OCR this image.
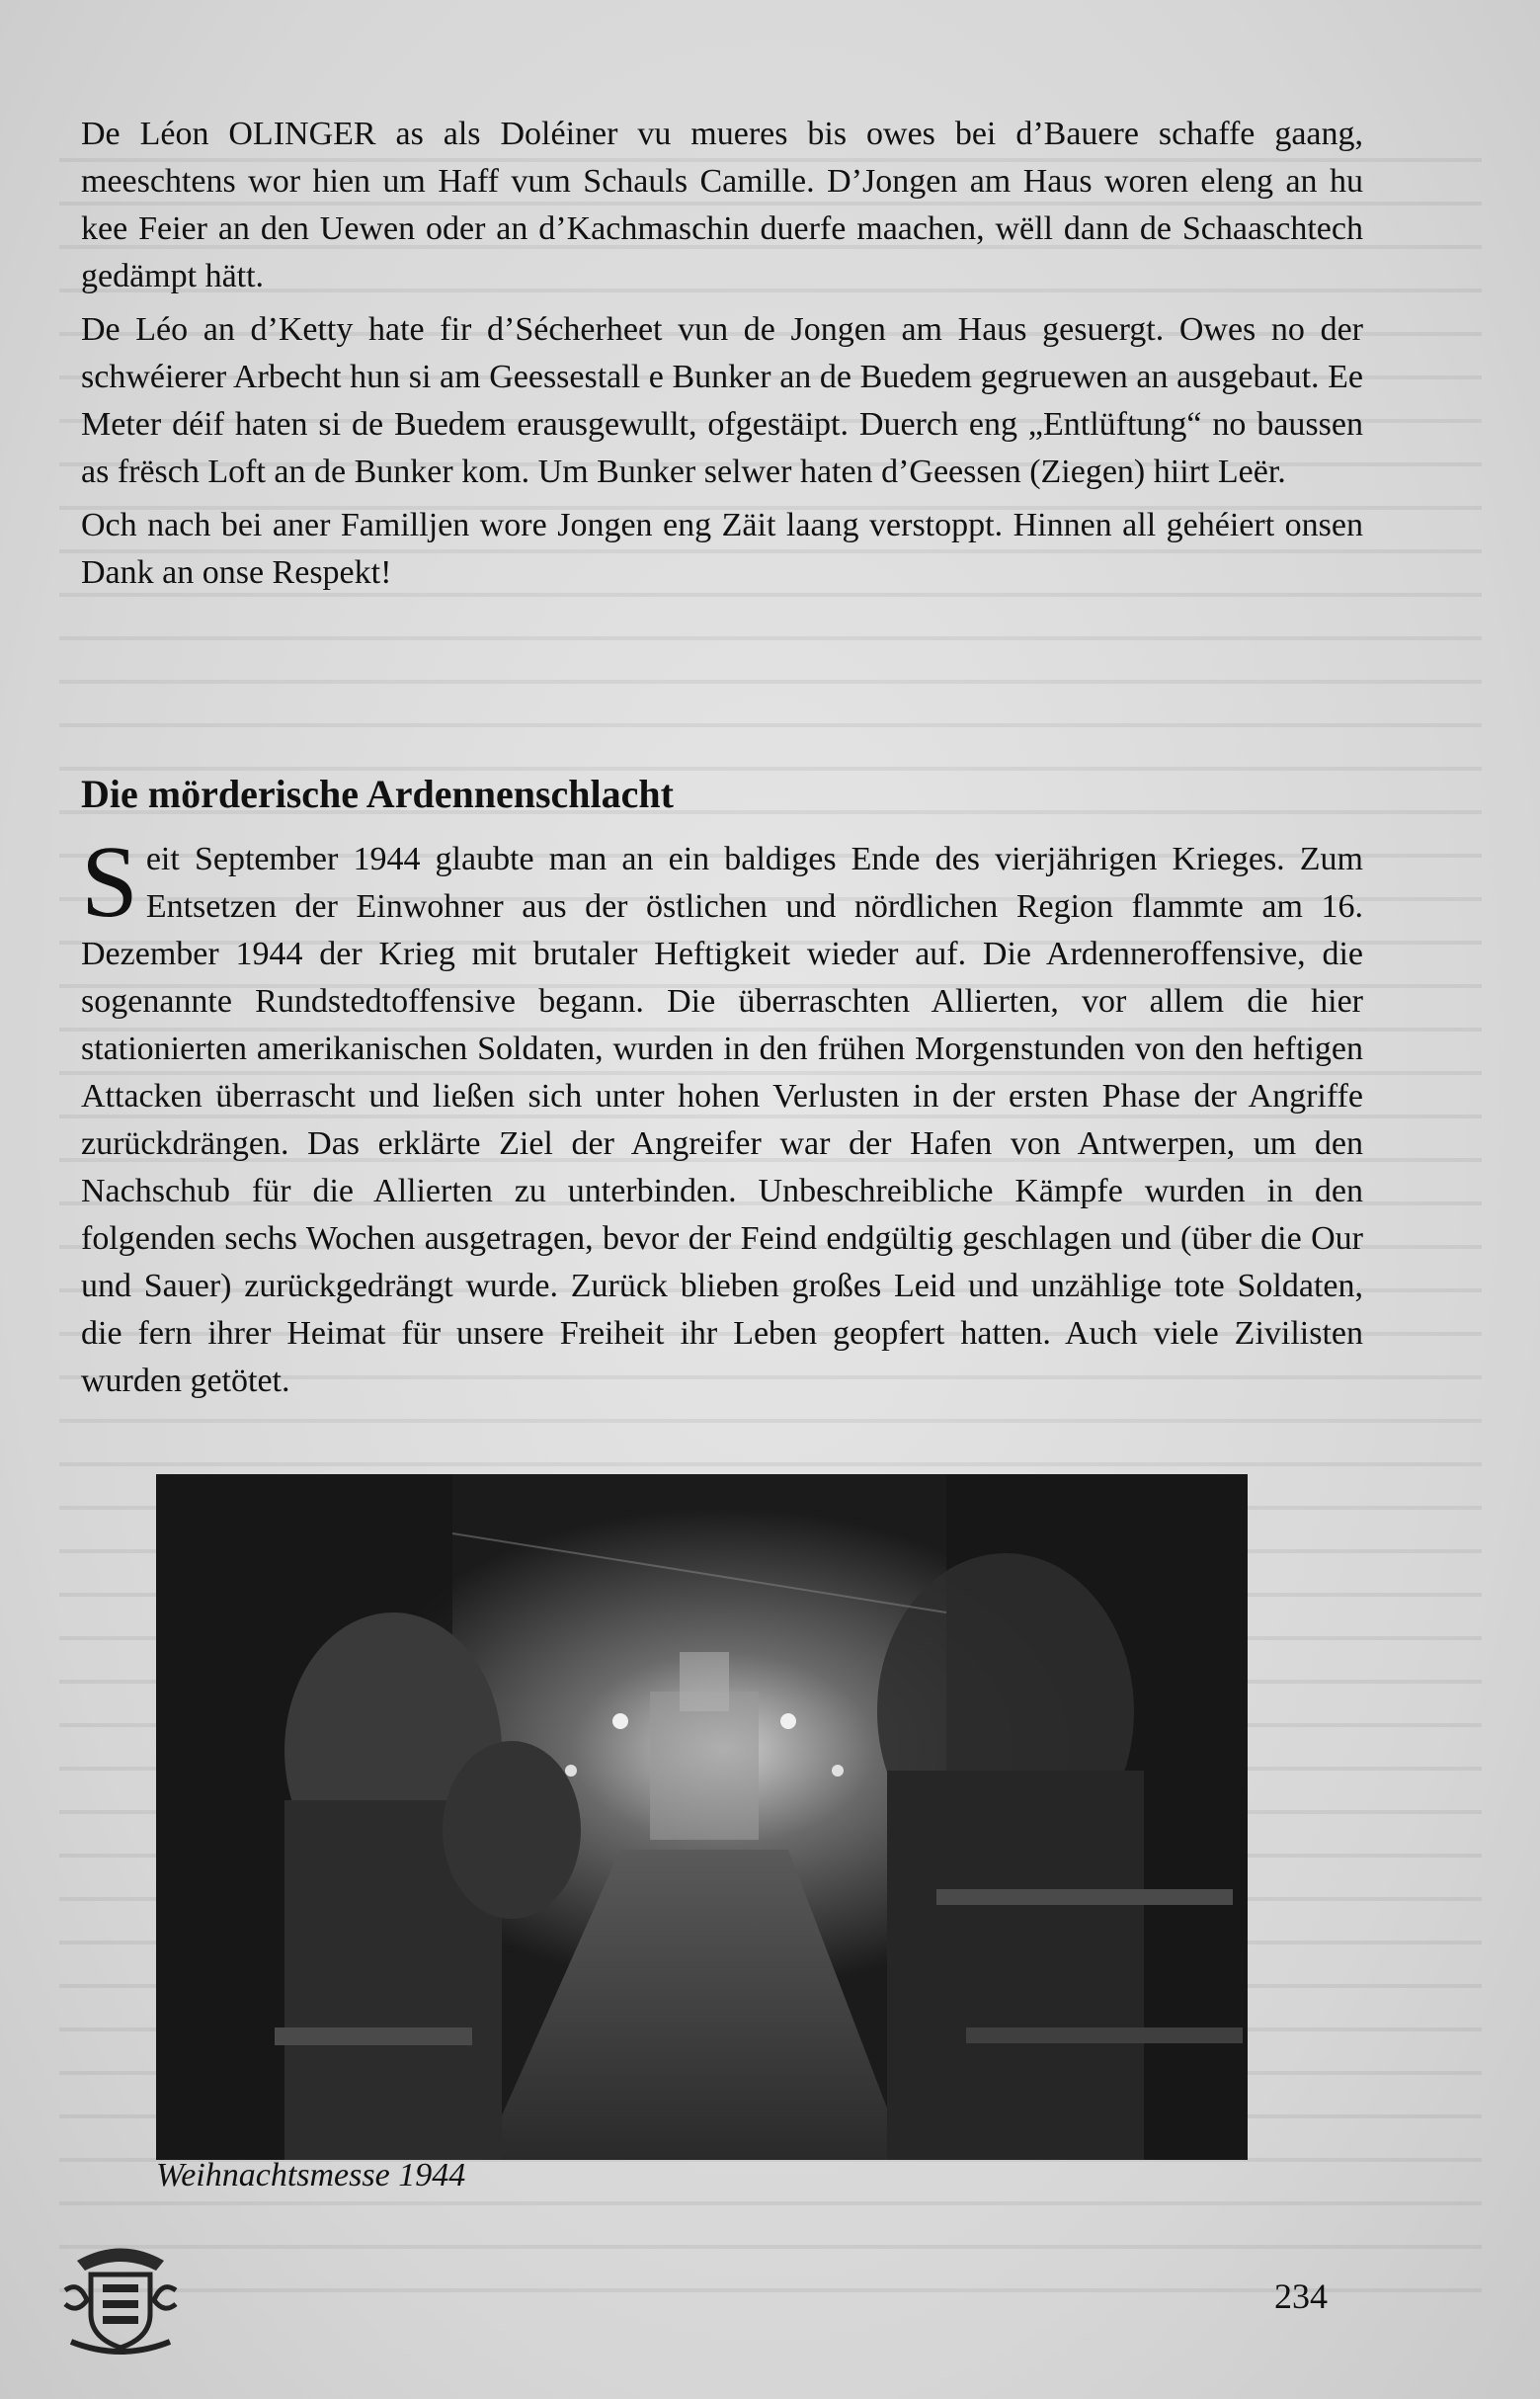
De Léon OLINGER as als Doléiner vu mueres bis owes bei d’Bauere schaffe gaang, meeschtens wor hien um Haff vum Schauls Camille. D’Jongen am Haus woren eleng an hu kee Feier an den Uewen oder an d’Kachmaschin duerfe maachen, wëll dann de Schaaschtech gedämpt hätt.

De Léo an d’Ketty hate fir d’Sécherheet vun de Jongen am Haus gesuergt. Owes no der schwéierer Arbecht hun si am Geessestall e Bunker an de Buedem gegruewen an ausgebaut. Ee Meter déif haten si de Buedem erausgewullt, ofgestäipt. Duerch eng „Entlüftung“ no baussen as frësch Loft an de Bunker kom. Um Bunker selwer haten d’Geessen (Ziegen) hiirt Leër.

Och nach bei aner Familljen wore Jongen eng Zäit laang verstoppt. Hinnen all gehéiert onsen Dank an onse Respekt!

Die mörderische Ardennenschlacht

Seit September 1944 glaubte man an ein baldiges Ende des vierjährigen Krieges. Zum Entsetzen der Einwohner aus der östlichen und nördlichen Region flammte am 16. Dezember 1944 der Krieg mit brutaler Heftigkeit wieder auf. Die Ardenneroffensive, die sogenannte Rundstedtoffensive begann. Die überraschten Allierten, vor allem die hier stationierten amerikanischen Soldaten, wurden in den frühen Morgenstunden von den heftigen Attacken überrascht und ließen sich unter hohen Verlusten in der ersten Phase der Angriffe zurückdrängen. Das erklärte Ziel der Angreifer war der Hafen von Antwerpen, um den Nachschub für die Allierten zu unterbinden. Unbeschreibliche Kämpfe wurden in den folgenden sechs Wochen ausgetragen, bevor der Feind endgültig geschlagen und (über die Our und Sauer) zurückgedrängt wurde. Zurück blieben großes Leid und unzählige tote Soldaten, die fern ihrer Heimat für unsere Freiheit ihr Leben geopfert hatten. Auch viele Zivilisten wurden getötet.

Weihnachtsmesse 1944
234
